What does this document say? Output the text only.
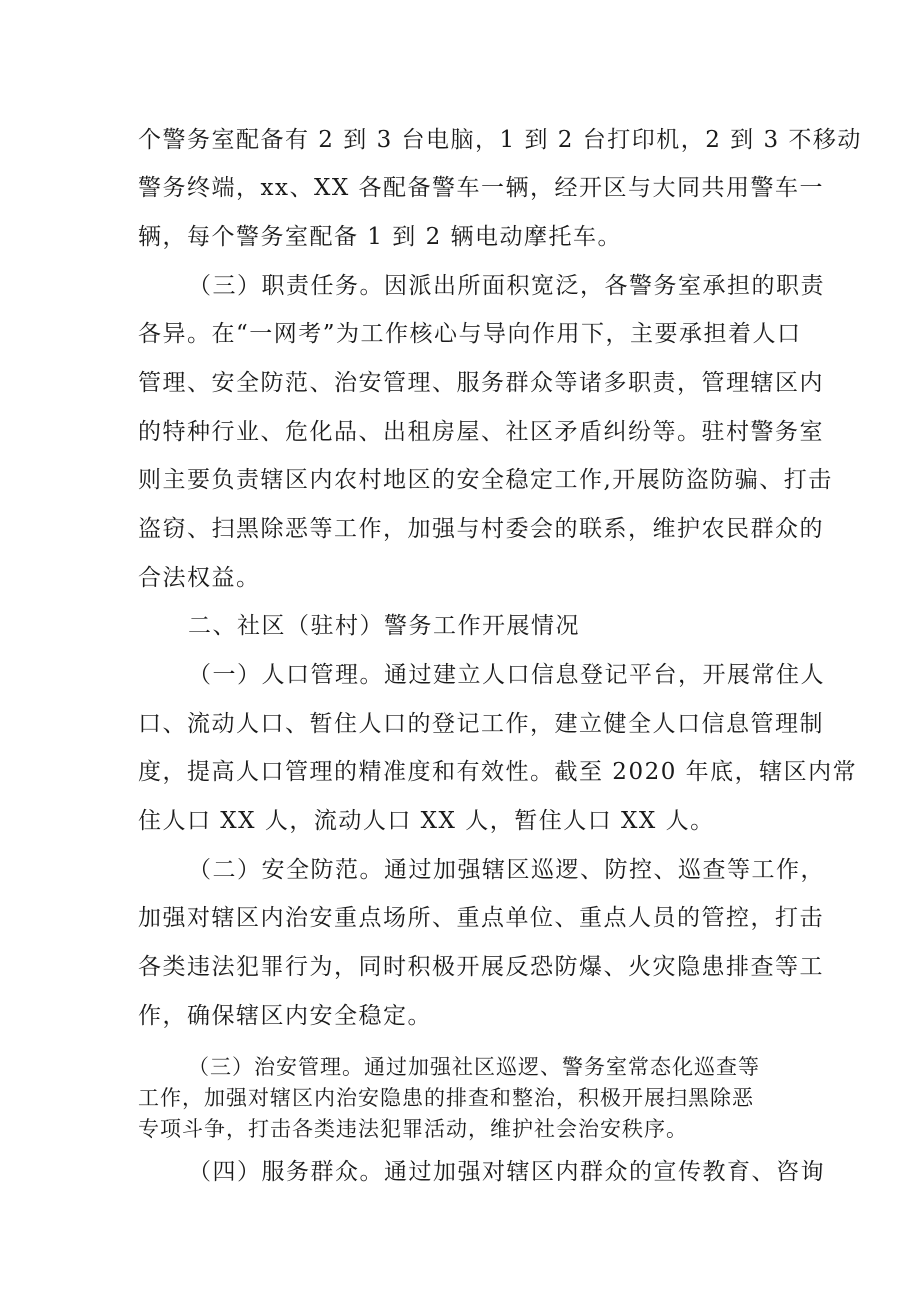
个警务室配备有 2 到 3 台电脑，1 到 2 台打印机，2 到 3 不移动
警务终端，xx、XX 各配备警车一辆，经开区与大同共用警车一
辆，每个警务室配备 1 到 2 辆电动摩托车。
（三）职责任务。因派出所面积宽泛，各警务室承担的职责
各异。在“一网考”为工作核心与导向作用下，主要承担着人口
管理、安全防范、治安管理、服务群众等诸多职责，管理辖区内
的特种行业、危化品、出租房屋、社区矛盾纠纷等。驻村警务室
则主要负责辖区内农村地区的安全稳定工作,开展防盗防骗、打击
盗窃、扫黑除恶等工作，加强与村委会的联系，维护农民群众的
合法权益。
二、社区（驻村）警务工作开展情况
（一）人口管理。通过建立人口信息登记平台，开展常住人
口、流动人口、暂住人口的登记工作，建立健全人口信息管理制
度，提高人口管理的精准度和有效性。截至 2020 年底，辖区内常
住人口 XX 人，流动人口 XX 人，暂住人口 XX 人。
（二）安全防范。通过加强辖区巡逻、防控、巡查等工作，
加强对辖区内治安重点场所、重点单位、重点人员的管控，打击
各类违法犯罪行为，同时积极开展反恐防爆、火灾隐患排查等工
作，确保辖区内安全稳定。
（三）治安管理。通过加强社区巡逻、警务室常态化巡查等
工作，加强对辖区内治安隐患的排查和整治，积极开展扫黑除恶
专项斗争，打击各类违法犯罪活动，维护社会治安秩序。
（四）服务群众。通过加强对辖区内群众的宣传教育、咨询
